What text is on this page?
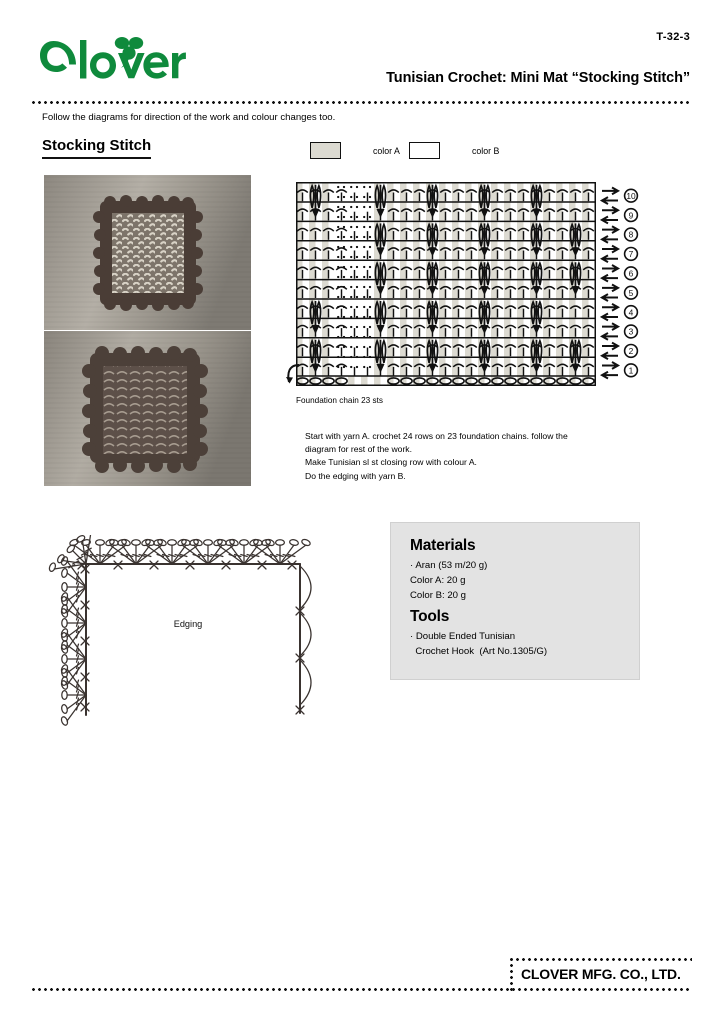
T-32-3
Tunisian Crochet: Mini Mat “Stocking Stitch”
Follow the diagrams for direction of the work and colour changes too.
Stocking Stitch	color A	color B
Foundation chain 23 sts
1
2
3
4
5
6
7
8
9
10
Start with yarn A. crochet 24 rows on 23 foundation chains. follow the
diagram for rest of the work.
Make Tunisian sl st closing row with colour A.
Do the edging with yarn B.
Edging
Materials
· Aran (53 m/20 g)
Color A: 20 g
Color B: 20 g
Tools
· Double Ended Tunisian
Crochet Hook  (Art No.1305/G)
CLOVER MFG. CO., LTD.
